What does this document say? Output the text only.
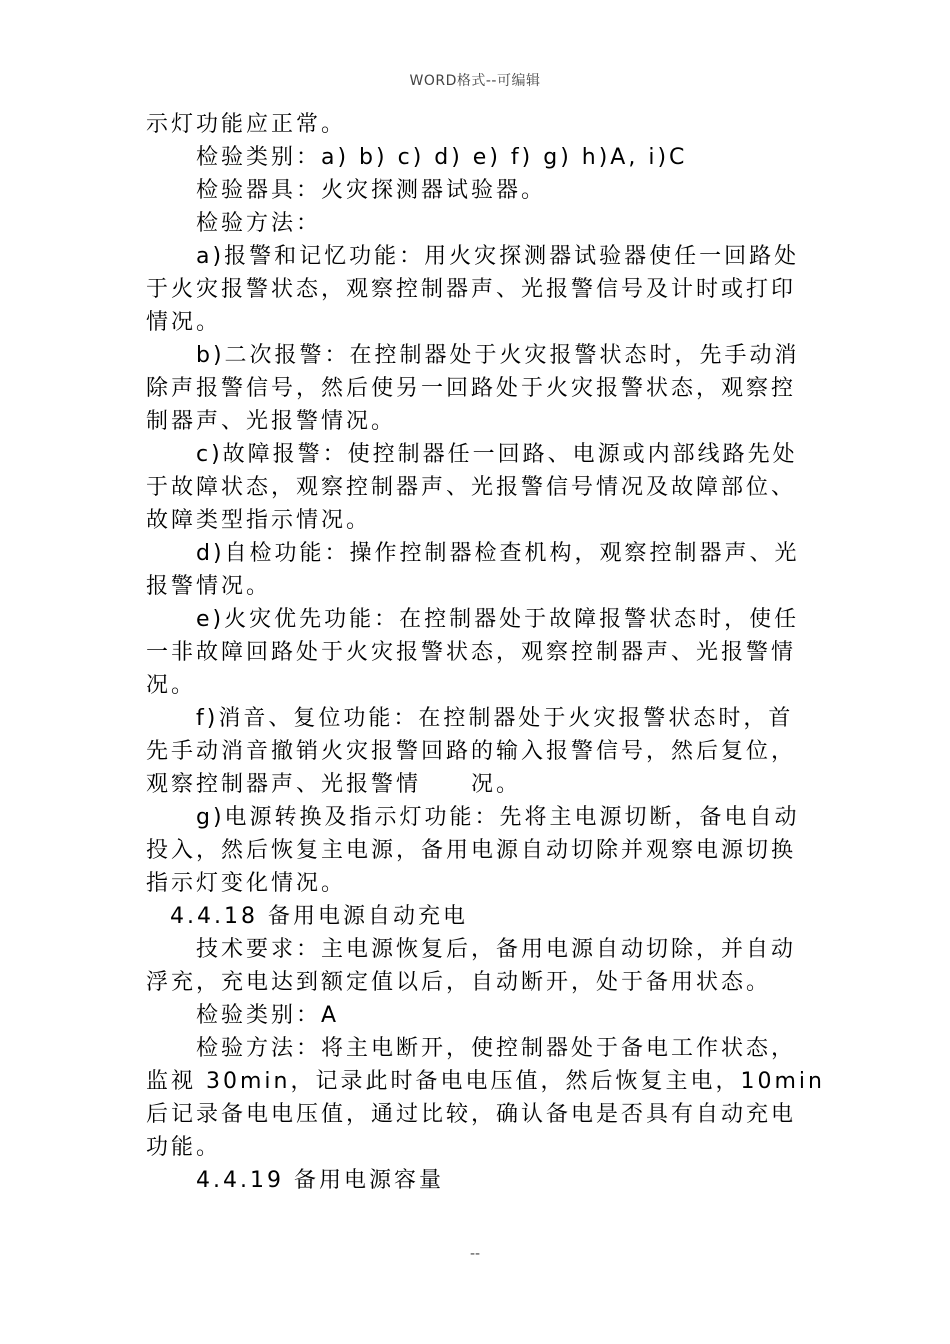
WORD格式--可编辑
示灯功能应正常。
检验类别：a) b) c) d) e) f) g) h)A, i)C
检验器具：火灾探测器试验器。
检验方法：
a)报警和记忆功能：用火灾探测器试验器使任一回路处
于火灾报警状态，观察控制器声、光报警信号及计时或打印
情况。
b)二次报警：在控制器处于火灾报警状态时，先手动消
除声报警信号，然后使另一回路处于火灾报警状态，观察控
制器声、光报警情况。
c)故障报警：使控制器任一回路、电源或内部线路先处
于故障状态，观察控制器声、光报警信号情况及故障部位、
故障类型指示情况。
d)自检功能：操作控制器检查机构，观察控制器声、光
报警情况。
e)火灾优先功能：在控制器处于故障报警状态时，使任
一非故障回路处于火灾报警状态，观察控制器声、光报警情
况。
f)消音、复位功能：在控制器处于火灾报警状态时，首
先手动消音撤销火灾报警回路的输入报警信号，然后复位，
观察控制器声、光报警情　　况。
g)电源转换及指示灯功能：先将主电源切断，备电自动
投入，然后恢复主电源，备用电源自动切除并观察电源切换
指示灯变化情况。
4.4.18 备用电源自动充电
技术要求：主电源恢复后，备用电源自动切除，并自动
浮充，充电达到额定值以后，自动断开，处于备用状态。
检验类别：A
检验方法：将主电断开，使控制器处于备电工作状态，
监视 30min，记录此时备电电压值，然后恢复主电，10min
后记录备电电压值，通过比较，确认备电是否具有自动充电
功能。
4.4.19 备用电源容量
--
